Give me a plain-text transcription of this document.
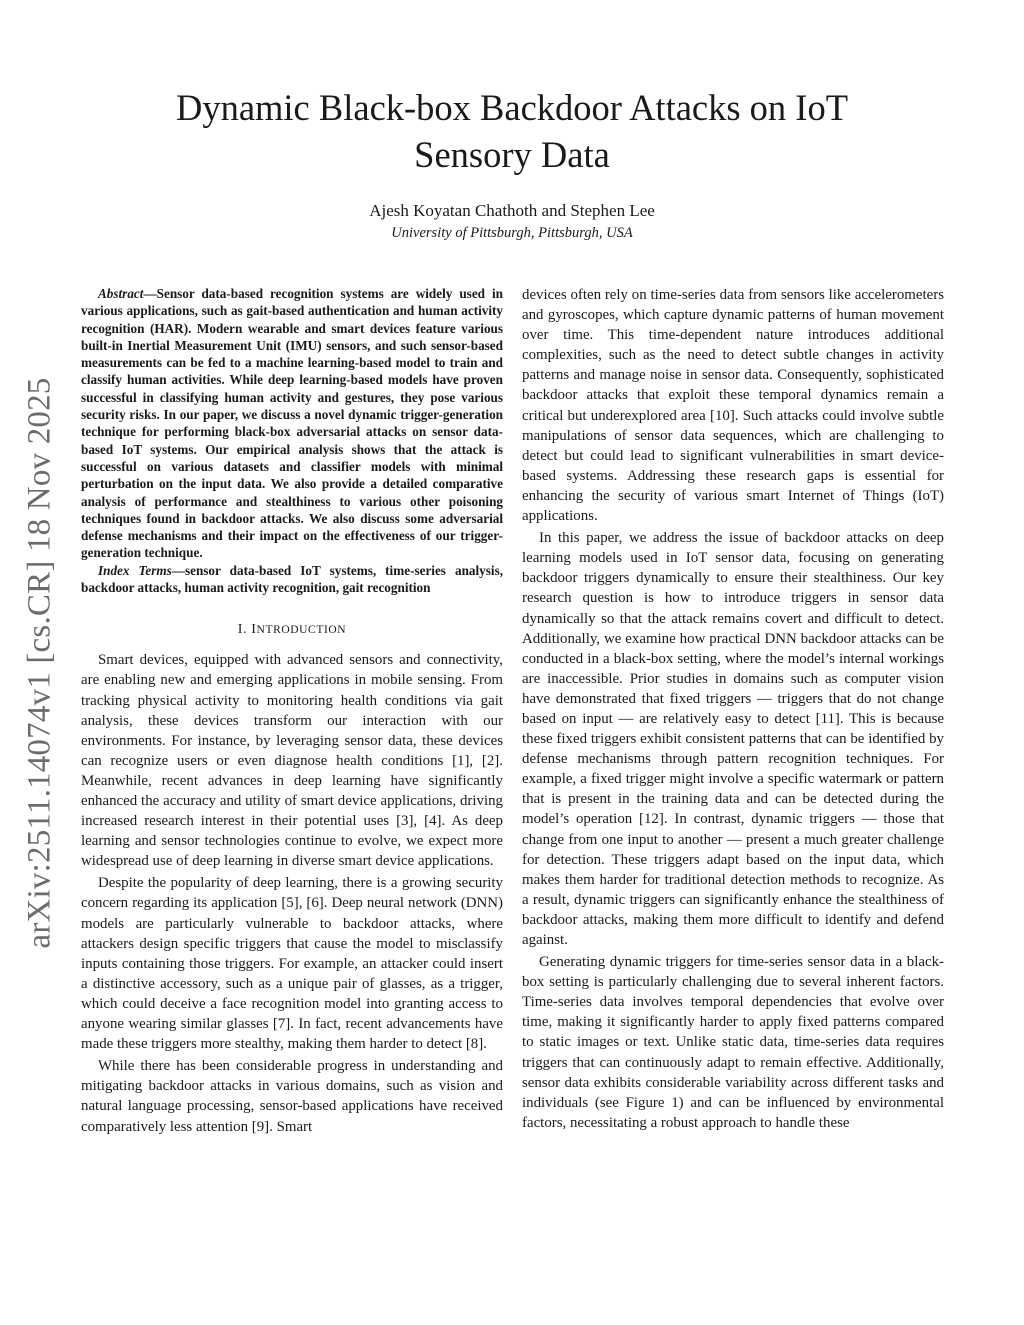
arXiv:2511.14074v1 [cs.CR] 18 Nov 2025
Dynamic Black-box Backdoor Attacks on IoT
Sensory Data
Ajesh Koyatan Chathoth and Stephen Lee
University of Pittsburgh, Pittsburgh, USA

Abstract—Sensor data-based recognition systems are widely used in various applications, such as gait-based authentication and human activity recognition (HAR). Modern wearable and smart devices feature various built-in Inertial Measurement Unit (IMU) sensors, and such sensor-based measurements can be fed to a machine learning-based model to train and classify human activities. While deep learning-based models have proven successful in classifying human activity and gestures, they pose various security risks. In our paper, we discuss a novel dynamic trigger-generation technique for performing black-box adversarial attacks on sensor data-based IoT systems. Our empirical analysis shows that the attack is successful on various datasets and classifier models with minimal perturbation on the input data. We also provide a detailed comparative analysis of performance and stealthiness to various other poisoning techniques found in backdoor attacks. We also discuss some adversarial defense mechanisms and their impact on the effectiveness of our trigger-generation technique.

Index Terms—sensor data-based IoT systems, time-series analysis, backdoor attacks, human activity recognition, gait recognition

I. INTRODUCTION

Smart devices, equipped with advanced sensors and connectivity, are enabling new and emerging applications in mobile sensing. From tracking physical activity to monitoring health conditions via gait analysis, these devices transform our interaction with our environments. For instance, by leveraging sensor data, these devices can recognize users or even diagnose health conditions [1], [2]. Meanwhile, recent advances in deep learning have significantly enhanced the accuracy and utility of smart device applications, driving increased research interest in their potential uses [3], [4]. As deep learning and sensor technologies continue to evolve, we expect more widespread use of deep learning in diverse smart device applications.

Despite the popularity of deep learning, there is a growing security concern regarding its application [5], [6]. Deep neural network (DNN) models are particularly vulnerable to backdoor attacks, where attackers design specific triggers that cause the model to misclassify inputs containing those triggers. For example, an attacker could insert a distinctive accessory, such as a unique pair of glasses, as a trigger, which could deceive a face recognition model into granting access to anyone wearing similar glasses [7]. In fact, recent advancements have made these triggers more stealthy, making them harder to detect [8].

While there has been considerable progress in understanding and mitigating backdoor attacks in various domains, such as vision and natural language processing, sensor-based applications have received comparatively less attention [9]. Smart

devices often rely on time-series data from sensors like accelerometers and gyroscopes, which capture dynamic patterns of human movement over time. This time-dependent nature introduces additional complexities, such as the need to detect subtle changes in activity patterns and manage noise in sensor data. Consequently, sophisticated backdoor attacks that exploit these temporal dynamics remain a critical but underexplored area [10]. Such attacks could involve subtle manipulations of sensor data sequences, which are challenging to detect but could lead to significant vulnerabilities in smart device-based systems. Addressing these research gaps is essential for enhancing the security of various smart Internet of Things (IoT) applications.

In this paper, we address the issue of backdoor attacks on deep learning models used in IoT sensor data, focusing on generating backdoor triggers dynamically to ensure their stealthiness. Our key research question is how to introduce triggers in sensor data dynamically so that the attack remains covert and difficult to detect. Additionally, we examine how practical DNN backdoor attacks can be conducted in a black-box setting, where the model’s internal workings are inaccessible. Prior studies in domains such as computer vision have demonstrated that fixed triggers — triggers that do not change based on input — are relatively easy to detect [11]. This is because these fixed triggers exhibit consistent patterns that can be identified by defense mechanisms through pattern recognition techniques. For example, a fixed trigger might involve a specific watermark or pattern that is present in the training data and can be detected during the model’s operation [12]. In contrast, dynamic triggers — those that change from one input to another — present a much greater challenge for detection. These triggers adapt based on the input data, which makes them harder for traditional detection methods to recognize. As a result, dynamic triggers can significantly enhance the stealthiness of backdoor attacks, making them more difficult to identify and defend against.

Generating dynamic triggers for time-series sensor data in a black-box setting is particularly challenging due to several inherent factors. Time-series data involves temporal dependencies that evolve over time, making it significantly harder to apply fixed patterns compared to static images or text. Unlike static data, time-series data requires triggers that can continuously adapt to remain effective. Additionally, sensor data exhibits considerable variability across different tasks and individuals (see Figure 1) and can be influenced by environmental factors, necessitating a robust approach to handle these
